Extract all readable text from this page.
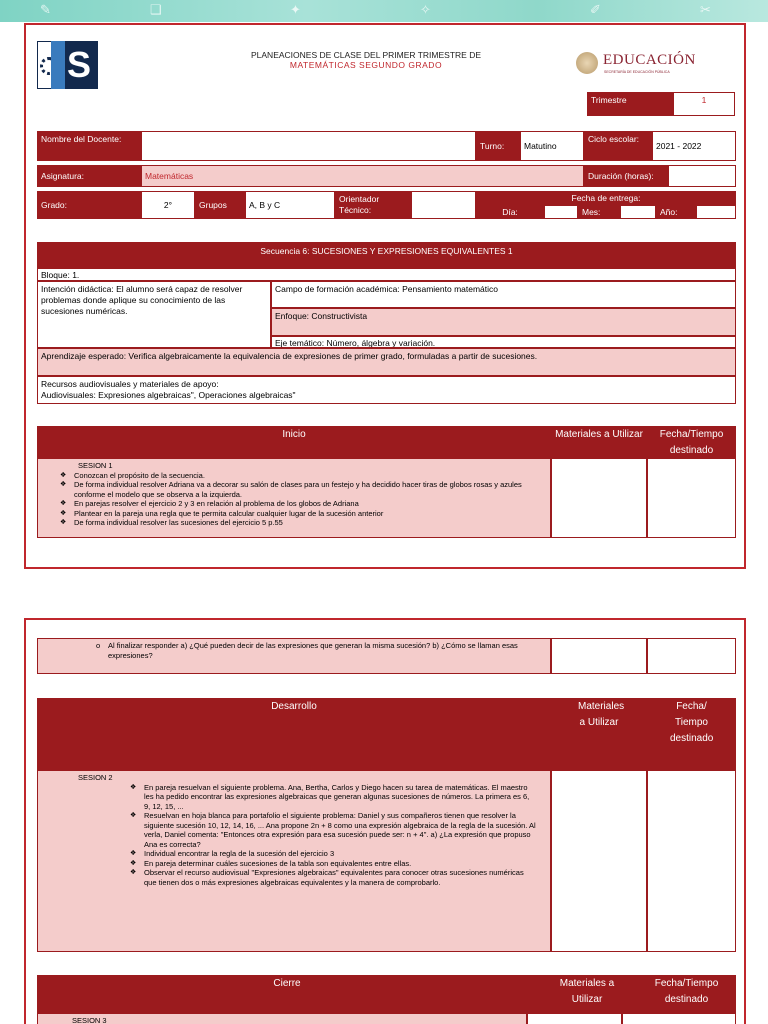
✎	❑	✦	✧	✐	✂
S	PLANEACIONES DE CLASE DEL PRIMER TRIMESTRE DE
MATEMÁTICAS SEGUNDO GRADO	EDUCACIÓN
SECRETARÍA DE EDUCACIÓN PÚBLICA
Trimestre	1
Nombre del Docente:
Turno:	Matutino
Ciclo escolar:
2021 - 2022
Asignatura:	Matemáticas	Duración (horas):
Grado:	2°	Grupos	A, B y C
Orientador Técnico:
Fecha de entrega:
Día:	Mes:	Año:
Secuencia 6: SUCESIONES Y EXPRESIONES EQUIVALENTES 1
Bloque: 1.
Intención didáctica: El alumno será capaz de resolver problemas donde aplique su conocimiento de las sucesiones numéricas.
Campo de formación académica: Pensamiento matemático
Enfoque: Constructivista
Eje temático: Número, álgebra y variación.
Aprendizaje esperado: Verifica algebraicamente la equivalencia de expresiones de primer grado, formuladas a partir de sucesiones.
Recursos audiovisuales y materiales de apoyo:
Audiovisuales: Expresiones algebraicas", Operaciones algebraicas"
Inicio	Materiales a Utilizar	Fecha/Tiempo destinado
SESION 1
❖ Conozcan el propósito de la secuencia.
❖ De forma individual resolver Adriana va a decorar su salón de clases para un festejo y ha decidido hacer tiras de globos rosas y azules conforme el modelo que se observa a la izquierda.
❖ En parejas resolver el ejercicio 2 y 3 en relación al problema de los globos de Adriana
❖ Plantear en la pareja una regla que te permita calcular cualquier lugar de la sucesión anterior
❖ De forma individual resolver las sucesiones del ejercicio 5 p.55
o Al finalizar responder a) ¿Qué pueden decir de las expresiones que generan la misma sucesión? b) ¿Cómo se llaman esas expresiones?
Desarrollo	Materiales a Utilizar
Fecha/ Tiempo destinado
SESION 2
❖ En pareja resuelvan el siguiente problema. Ana, Bertha, Carlos y Diego hacen su tarea de matemáticas. El maestro les ha pedido encontrar las expresiones algebraicas que generan algunas sucesiones de números. La primera es 6, 9, 12, 15, ...
❖ Resuelvan en hoja blanca para portafolio el siguiente problema: Daniel y sus compañeros tienen que resolver la siguiente sucesión 10, 12, 14, 16, ... Ana propone 2n + 8 como una expresión algebraica de la regla de la sucesión. Al verla, Daniel comenta: "Entonces otra expresión para esa sucesión puede ser: n + 4". a) ¿La expresión que propuso Ana es correcta?
❖ Individual encontrar la regla de la sucesión del ejercicio 3
❖ En pareja determinar cuáles sucesiones de la tabla son equivalentes entre ellas.
❖ Observar el recurso audiovisual "Expresiones algebraicas" equivalentes para conocer otras sucesiones numéricas que tienen dos o más expresiones algebraicas equivalentes y la manera de comprobarlo.
Cierre	Materiales a Utilizar
Fecha/Tiempo destinado
SESION 3
